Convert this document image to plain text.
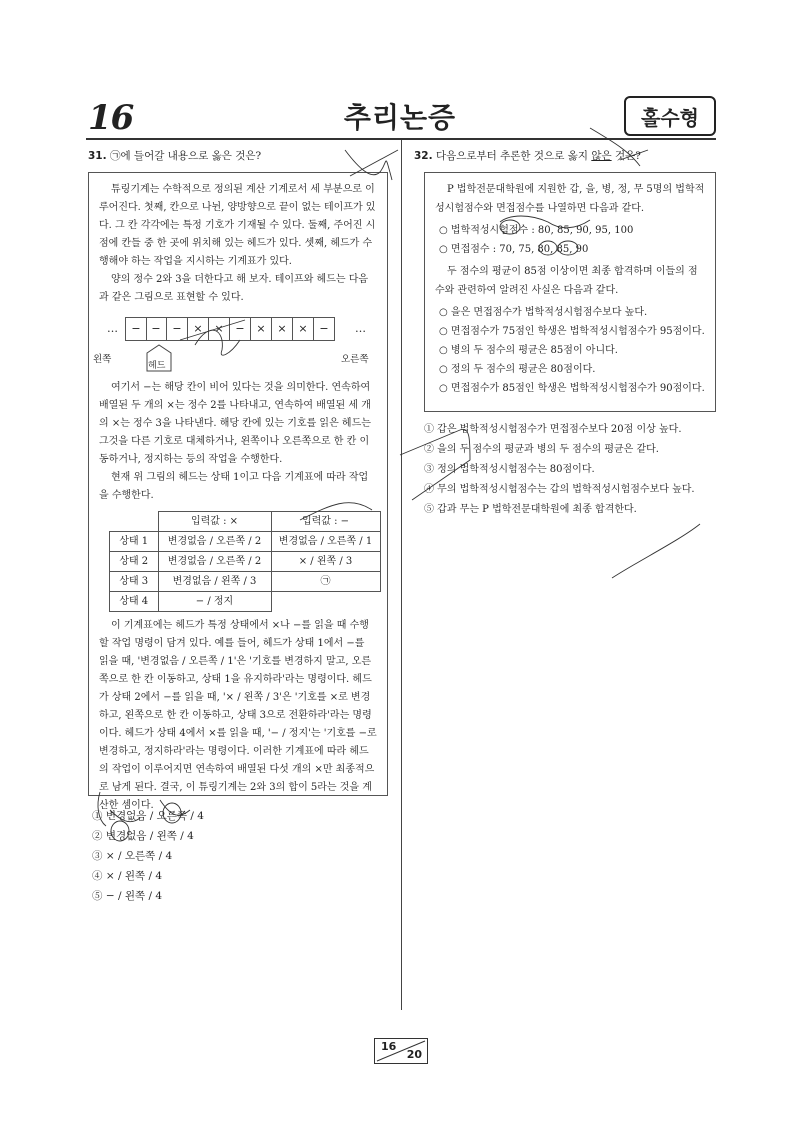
16	추리논증	홀수형
31. ㉠에 들어갈 내용으로 옳은 것은?

튜링기계는 수학적으로 정의된 계산 기계로서 세 부분으로 이루어진다. 첫째, 칸으로 나뉜, 양방향으로 끝이 없는 테이프가 있다. 그 칸 각각에는 특정 기호가 기재될 수 있다. 둘째, 주어진 시점에 칸들 중 한 곳에 위치해 있는 헤드가 있다. 셋째, 헤드가 수행해야 하는 작업을 지시하는 기계표가 있다.

양의 정수 2와 3을 더한다고 해 보자. 테이프와 헤드는 다음과 같은 그림으로 표현할 수 있다.

…	− −	−	×	×	−	×	×	×	−	…
왼쪽	오른쪽
헤드

여기서 −는 해당 칸이 비어 있다는 것을 의미한다. 연속하여 배열된 두 개의 ×는 정수 2를 나타내고, 연속하여 배열된 세 개의 ×는 정수 3을 나타낸다. 해당 칸에 있는 기호를 읽은 헤드는 그것을 다른 기호로 대체하거나, 왼쪽이나 오른쪽으로 한 칸 이동하거나, 정지하는 등의 작업을 수행한다.

현재 위 그림의 헤드는 상태 1이고 다음 기계표에 따라 작업을 수행한다.

	입력값 : ×	입력값 : −
상태 1	변경없음 / 오른쪽 / 2	변경없음 / 오른쪽 / 1
상태 2	변경없음 / 오른쪽 / 2	× / 왼쪽 / 3
상태 3	변경없음 / 왼쪽 / 3	㉠
상태 4	− / 정지	

이 기계표에는 헤드가 특정 상태에서 ×나 −를 읽을 때 수행할 작업 명령이 담겨 있다. 예를 들어, 헤드가 상태 1에서 −를 읽을 때, '변경없음 / 오른쪽 / 1'은 '기호를 변경하지 말고, 오른쪽으로 한 칸 이동하고, 상태 1을 유지하라'라는 명령이다. 헤드가 상태 2에서 −를 읽을 때, '× / 왼쪽 / 3'은 '기호를 ×로 변경하고, 왼쪽으로 한 칸 이동하고, 상태 3으로 전환하라'라는 명령이다. 헤드가 상태 4에서 ×를 읽을 때, '− / 정지'는 '기호를 −로 변경하고, 정지하라'라는 명령이다. 이러한 기계표에 따라 헤드의 작업이 이루어지면 연속하여 배열된 다섯 개의 ×만 최종적으로 남게 된다. 결국, 이 튜링기계는 2와 3의 합이 5라는 것을 계산한 셈이다.

① 변경없음 / 오른쪽 / 4
② 변경없음 / 왼쪽 / 4
③ × / 오른쪽 / 4
④ × / 왼쪽 / 4
⑤ − / 왼쪽 / 4
32. 다음으로부터 추론한 것으로 옳지 않은 것은?

P 법학전문대학원에 지원한 갑, 을, 병, 정, 무 5명의 법학적성시험점수와 면접점수를 나열하면 다음과 같다.

○ 법학적성시험점수 : 80, 85, 90, 95, 100

○ 면접점수 : 70, 75, 80, 85, 90

두 점수의 평균이 85점 이상이면 최종 합격하며 이들의 점수와 관련하여 알려진 사실은 다음과 같다.

○ 을은 면접점수가 법학적성시험점수보다 높다.

○ 면접점수가 75점인 학생은 법학적성시험점수가 95점이다.

○ 병의 두 점수의 평균은 85점이 아니다.

○ 정의 두 점수의 평균은 80점이다.

○ 면접점수가 85점인 학생은 법학적성시험점수가 90점이다.

① 갑은 법학적성시험점수가 면접점수보다 20점 이상 높다.
② 을의 두 점수의 평균과 병의 두 점수의 평균은 같다.
③ 정의 법학적성시험점수는 80점이다.
④ 무의 법학적성시험점수는 갑의 법학적성시험점수보다 높다.
⑤ 갑과 무는 P 법학전문대학원에 최종 합격한다.
16
20
